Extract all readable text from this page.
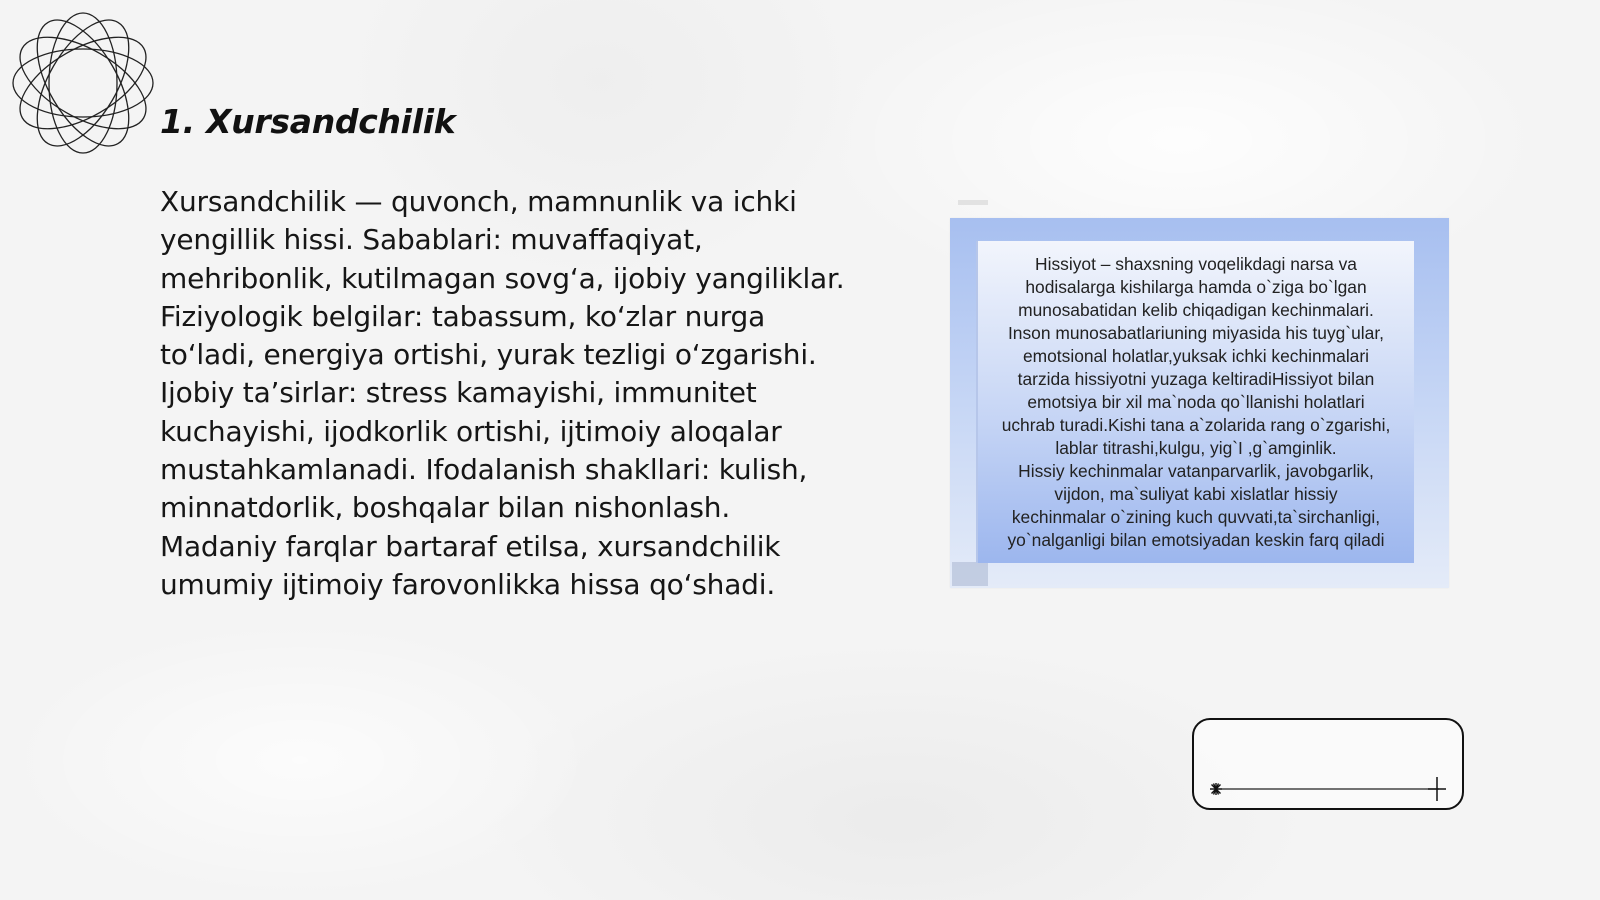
1. Xursandchilik

Xursandchilik — quvonch, mamnunlik va ichki yengillik hissi. Sabablari: muvaffaqiyat, mehribonlik, kutilmagan sovg‘a, ijobiy yangiliklar. Fiziyologik belgilar: tabassum, ko‘zlar nurga to‘ladi, energiya ortishi, yurak tezligi o‘zgarishi. Ijobiy ta’sirlar: stress kamayishi, immunitet kuchayishi, ijodkorlik ortishi, ijtimoiy aloqalar mustahkamlanadi. Ifodalanish shakllari: kulish, minnatdorlik, boshqalar bilan nishonlash. Madaniy farqlar bartaraf etilsa, xursandchilik umumiy ijtimoiy farovonlikka hissa qo‘shadi.

Hissiyot – shaxsning voqelikdagi narsa va
hodisalarga kishilarga hamda o`ziga bo`lgan
munosabatidan kelib chiqadigan kechinmalari.
Inson munosabatlariuning miyasida his tuyg`ular,
emotsional holatlar,yuksak ichki kechinmalari
tarzida hissiyotni yuzaga keltiradiHissiyot bilan
emotsiya bir xil ma`noda qo`llanishi holatlari
uchrab turadi.Kishi tana a`zolarida rang o`zgarishi,
lablar titrashi,kulgu, yig`I ,g`amginlik.
Hissiy kechinmalar vatanparvarlik, javobgarlik,
vijdon, ma`suliyat kabi xislatlar hissiy
kechinmalar o`zining kuch quvvati,ta`sirchanligi,
yo`nalganligi bilan emotsiyadan keskin farq qiladi
